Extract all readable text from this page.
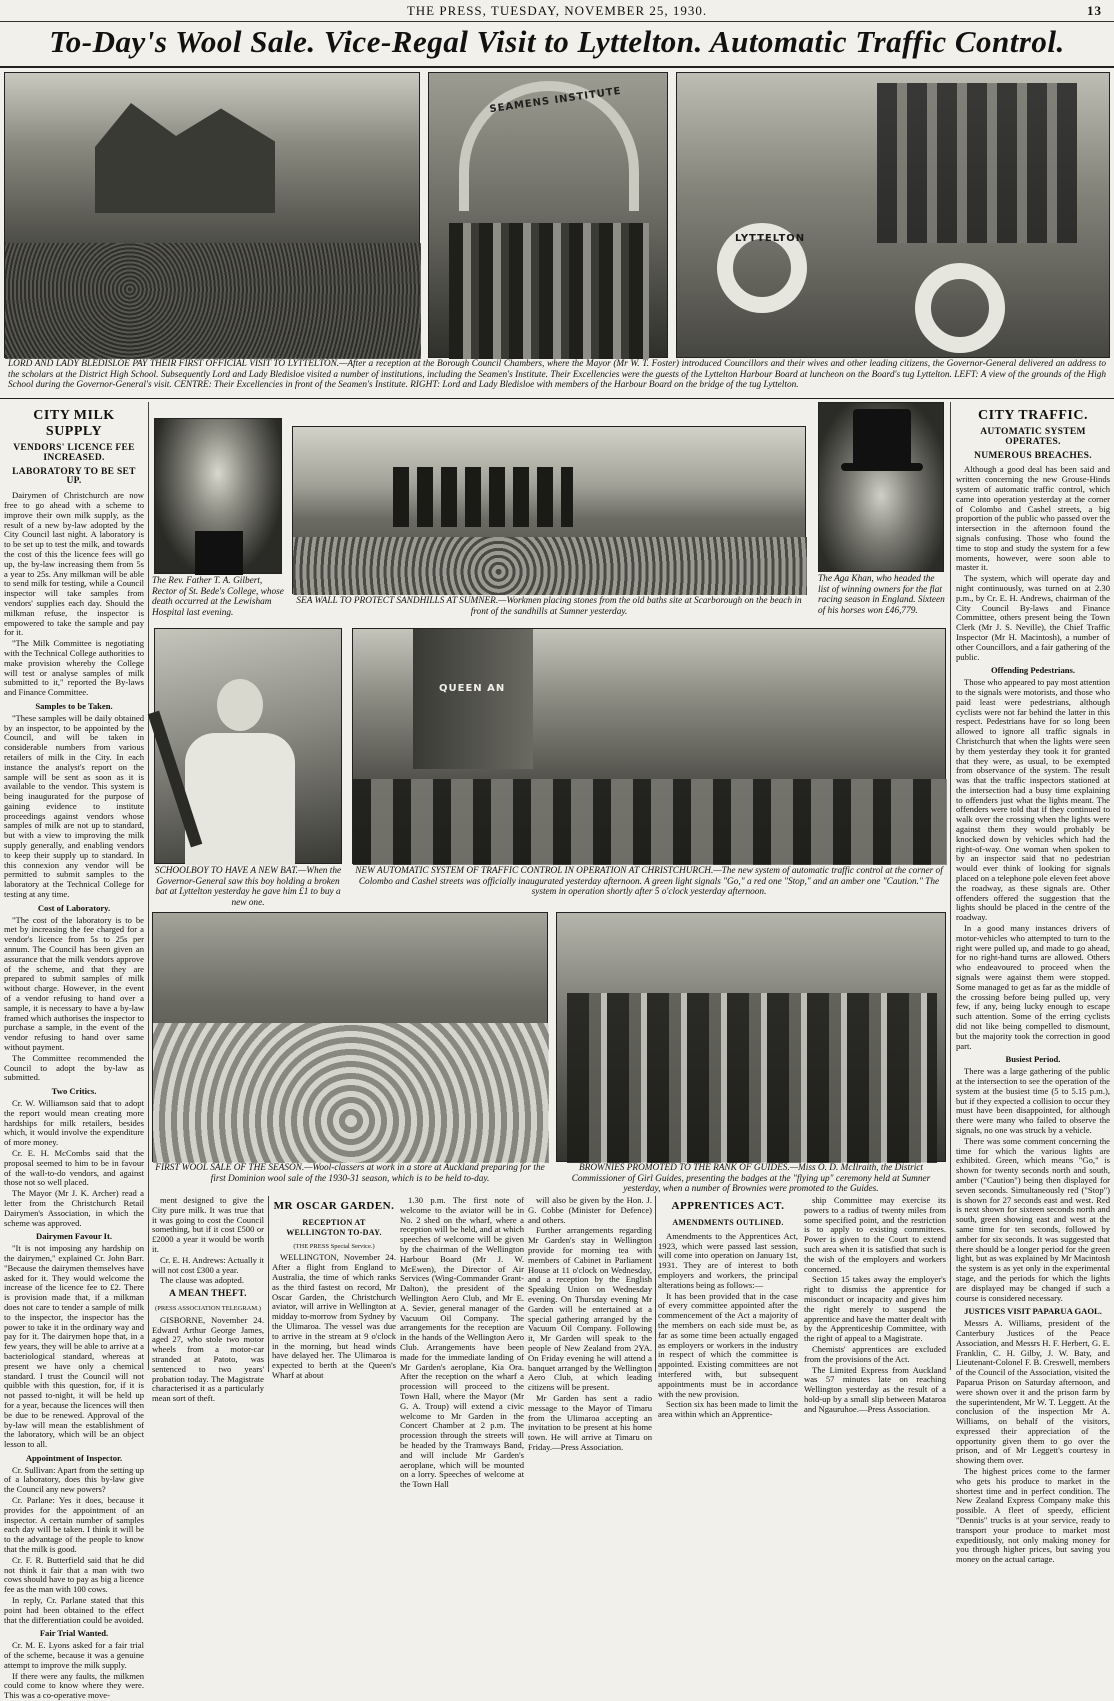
THE PRESS, TUESDAY, NOVEMBER 25, 1930.	13
To-Day's Wool Sale. Vice-Regal Visit to Lyttelton. Automatic Traffic Control.
SEAMENS INSTITUTE
LYTTELTON
LORD AND LADY BLEDISLOE PAY THEIR FIRST OFFICIAL VISIT TO LYTTELTON.—After a reception at the Borough Council Chambers, where the Mayor (Mr W. T. Foster) introduced Councillors and their wives and other leading citizens, the Governor-General delivered an address to the scholars at the District High School. Subsequently Lord and Lady Bledisloe visited a number of institutions, including the Seamen's Institute. Their Excellencies were the guests of the Lyttelton Harbour Board at luncheon on the Board's tug Lyttelton. LEFT: A view of the grounds of the High School during the Governor-General's visit. CENTRE: Their Excellencies in front of the Seamen's Institute. RIGHT: Lord and Lady Bledisloe with members of the Harbour Board on the bridge of the tug Lyttelton.
CITY MILK SUPPLY
VENDORS' LICENCE FEE INCREASED.
LABORATORY TO BE SET UP.

Dairymen of Christchurch are now free to go ahead with a scheme to improve their own milk supply, as the result of a new by-law adopted by the City Council last night. A laboratory is to be set up to test the milk, and towards the cost of this the licence fees will go up, the by-law increasing them from 5s a year to 25s. Any milkman will be able to send milk for testing, while a Council inspector will take samples from vendors' supplies each day. Should the milkman refuse, the inspector is empowered to take the sample and pay for it.

"The Milk Committee is negotiating with the Technical College authorities to make provision whereby the College will test or analyse samples of milk submitted to it," reported the By-laws and Finance Committee.

Samples to be Taken.

"These samples will be daily obtained by an inspector, to be appointed by the Council, and will be taken in considerable numbers from various retailers of milk in the City. In each instance the analyst's report on the sample will be sent as soon as it is available to the vendor. This system is being inaugurated for the purpose of gaining evidence to institute proceedings against vendors whose samples of milk are not up to standard, but with a view to improving the milk supply generally, and enabling vendors to keep their supply up to standard. In this connexion any vendor will be permitted to submit samples to the laboratory at the Technical College for testing at any time.

Cost of Laboratory.

"The cost of the laboratory is to be met by increasing the fee charged for a vendor's licence from 5s to 25s per annum. The Council has been given an assurance that the milk vendors approve of the scheme, and that they are prepared to submit samples of milk without charge. However, in the event of a vendor refusing to hand over a sample, it is necessary to have a by-law framed which authorises the inspector to purchase a sample, in the event of the vendor refusing to hand over same without payment.

The Committee recommended the Council to adopt the by-law as submitted.

Two Critics.

Cr. W. Williamson said that to adopt the report would mean creating more hardships for milk retailers, besides which, it would involve the expenditure of more money.

Cr. E. H. McCombs said that the proposal seemed to him to be in favour of the wall-to-do vendors, and against those not so well placed.

The Mayor (Mr J. K. Archer) read a letter from the Christchurch Retail Dairymen's Association, in which the scheme was approved.

Dairymen Favour It.

"It is not imposing any hardship on the dairymen," explained Cr. John Barr. "Because the dairymen themselves have asked for it. They would welcome the increase of the licence fee to £2. There is provision made that, if a milkman does not care to tender a sample of milk to the inspector, the inspector has the power to take it in the ordinary way and pay for it. The dairymen hope that, in a few years, they will be able to arrive at a bacteriological standard, whereas at present we have only a chemical standard. I trust the Council will not quibble with this question, for, if it is not passed to-night, it will be held up for a year, because the licences will then be due to be renewed. Approval of the by-law will mean the establishment of the laboratory, which will be an object lesson to all.

Appointment of Inspector.

Cr. Sullivan: Apart from the setting up of a laboratory, does this by-law give the Council any new powers?

Cr. Parlane: Yes it does, because it provides for the appointment of an inspector. A certain number of samples each day will be taken. I think it will be to the advantage of the people to know that the milk is good.

Cr. F. R. Butterfield said that he did not think it fair that a man with two cows should have to pay as big a licence fee as the man with 100 cows.

In reply, Cr. Parlane stated that this point had been obtained to the effect that the differentiation could be avoided.

Fair Trial Wanted.

Cr. M. E. Lyons asked for a fair trial of the scheme, because it was a genuine attempt to improve the milk supply.

If there were any faults, the milkmen could come to know where they were. This was a co-operative move-

The Rev. Father T. A. Gilbert, Rector of St. Bede's College, whose death occurred at the Lewisham Hospital last evening.
SEA WALL TO PROTECT SANDHILLS AT SUMNER.—Workmen placing stones from the old baths site at Scarborough on the beach in front of the sandhills at Sumner yesterday.
The Aga Khan, who headed the list of winning owners for the flat racing season in England. Sixteen of his horses won £46,779.
SCHOOLBOY TO HAVE A NEW BAT.—When the Governor-General saw this boy holding a broken bat at Lyttelton yesterday he gave him £1 to buy a new one.
QUEEN AN
NEW AUTOMATIC SYSTEM OF TRAFFIC CONTROL IN OPERATION AT CHRISTCHURCH.—The new system of automatic traffic control at the corner of Colombo and Cashel streets was officially inaugurated yesterday afternoon. A green light signals "Go," a red one "Stop," and an amber one "Caution." The system in operation shortly after 5 o'clock yesterday afternoon.
FIRST WOOL SALE OF THE SEASON.—Wool-classers at work in a store at Auckland preparing for the first Dominion wool sale of the 1930-31 season, which is to be held to-day.
BROWNIES PROMOTED TO THE RANK OF GUIDES.—Miss O. D. McIlraith, the District Commissioner of Girl Guides, presenting the badges at the "flying up" ceremony held at Sumner yesterday, when a number of Brownies were promoted to the Guides.

ment designed to give the City pure milk. It was true that it was going to cost the Council something, but if it cost £500 or £2000 a year it would be worth it.

Cr. E. H. Andrews: Actually it will not cost £300 a year.

The clause was adopted.

A MEAN THEFT.
(PRESS ASSOCIATION TELEGRAM.)

GISBORNE, November 24. Edward Arthur George James, aged 27, who stole two motor wheels from a motor-car stranded at Patoto, was sentenced to two years' probation today. The Magistrate characterised it as a particularly mean sort of theft.

MR OSCAR GARDEN.
RECEPTION AT WELLINGTON TO-DAY.
(THE PRESS Special Service.)

WELLINGTON, November 24. After a flight from England to Australia, the time of which ranks as the third fastest on record, Mr Oscar Garden, the Christchurch aviator, will arrive in Wellington at midday to-morrow from Sydney by the Ulimaroa. The vessel was due to arrive in the stream at 9 o'clock in the morning, but head winds have delayed her. The Ulimaroa is expected to berth at the Queen's Wharf at about

1.30 p.m. The first note of welcome to the aviator will be in No. 2 shed on the wharf, where a reception will be held, and at which speeches of welcome will be given by the chairman of the Wellington Harbour Board (Mr J. W. McEwen), the Director of Air Services (Wing-Commander Grant-Dalton), the president of the Wellington Aero Club, and Mr E. A. Sevier, general manager of the Vacuum Oil Company. The arrangements for the reception are in the hands of the Wellington Aero Club. Arrangements have been made for the immediate landing of Mr Garden's aeroplane, Kia Ora. After the reception on the wharf a procession will proceed to the Town Hall, where the Mayor (Mr G. A. Troup) will extend a civic welcome to Mr Garden in the Concert Chamber at 2 p.m. The procession through the streets will be headed by the Tramways Band, and will include Mr Garden's aeroplane, which will be mounted on a lorry. Speeches of welcome at the Town Hall

will also be given by the Hon. J. G. Cobbe (Minister for Defence) and others.

Further arrangements regarding Mr Garden's stay in Wellington provide for morning tea with members of Cabinet in Parliament House at 11 o'clock on Wednesday, and a reception by the English Speaking Union on Wednesday evening. On Thursday evening Mr Garden will be entertained at a special gathering arranged by the Vacuum Oil Company. Following it, Mr Garden will speak to the people of New Zealand from 2YA. On Friday evening he will attend a banquet arranged by the Wellington Aero Club, at which leading citizens will be present.

Mr Garden has sent a radio message to the Mayor of Timaru from the Ulimaroa accepting an invitation to be present at his home town. He will arrive at Timaru on Friday.—Press Association.

APPRENTICES ACT.
AMENDMENTS OUTLINED.

Amendments to the Apprentices Act, 1923, which were passed last session, will come into operation on January 1st, 1931. They are of interest to both employers and workers, the principal alterations being as follows:—

It has been provided that in the case of every committee appointed after the commencement of the Act a majority of the members on each side must be, as far as some time been actually engaged as employers or workers in the industry in respect of which the committee is appointed. Existing committees are not interfered with, but subsequent appointments must be in accordance with the new provision.

Section six has been made to limit the area within which an Apprentice-

ship Committee may exercise its powers to a radius of twenty miles from some specified point, and the restriction is to apply to existing committees. Power is given to the Court to extend such area when it is satisfied that such is the wish of the employers and workers concerned.

Section 15 takes away the employer's right to dismiss the apprentice for misconduct or incapacity and gives him the right merely to suspend the apprentice and have the matter dealt with by the Apprenticeship Committee, with the right of appeal to a Magistrate.

Chemists' apprentices are excluded from the provisions of the Act.

The Limited Express from Auckland was 57 minutes late on reaching Wellington yesterday as the result of a hold-up by a small slip between Mataroa and Ngauruhoe.—Press Association.

CITY TRAFFIC.
AUTOMATIC SYSTEM OPERATES.
NUMEROUS BREACHES.

Although a good deal has been said and written concerning the new Grouse-Hinds system of automatic traffic control, which came into operation yesterday at the corner of Colombo and Cashel streets, a big proportion of the public who passed over the intersection in the afternoon found the signals confusing. Those who found the time to stop and study the system for a few moments, however, were soon able to master it.

The system, which will operate day and night continuously, was turned on at 2.30 p.m., by Cr. E. H. Andrews, chairman of the City Council By-laws and Finance Committee, others present being the Town Clerk (Mr J. S. Neville), the Chief Traffic Inspector (Mr H. Macintosh), a number of other Councillors, and a fair gathering of the public.

Offending Pedestrians.

Those who appeared to pay most attention to the signals were motorists, and those who paid least were pedestrians, although cyclists were not far behind the latter in this respect. Pedestrians have for so long been allowed to ignore all traffic signals in Christchurch that when the lights were seen by them yesterday they took it for granted that they were, as usual, to be exempted from observance of the system. The result was that the traffic inspectors stationed at the intersection had a busy time explaining to offenders just what the lights meant. The offenders were told that if they continued to walk over the crossing when the lights were against them they would probably be knocked down by vehicles which had the right-of-way. One woman when spoken to by an inspector said that no pedestrian would ever think of looking for signals placed on a telephone pole eleven feet above the roadway, as these signals are. Other offenders offered the suggestion that the lights should be placed in the centre of the roadway.

In a good many instances drivers of motor-vehicles who attempted to turn to the right were pulled up, and made to go ahead, for no right-hand turns are allowed. Others who endeavoured to proceed when the signals were against them were stopped. Some managed to get as far as the middle of the crossing before being pulled up, very few, if any, being lucky enough to escape such attention. Some of the erring cyclists did not like being compelled to dismount, but the majority took the correction in good part.

Busiest Period.

There was a large gathering of the public at the intersection to see the operation of the system at the busiest time (5 to 5.15 p.m.), but if they expected a collision to occur they must have been disappointed, for although there were many who failed to observe the signals, no one was struck by a vehicle.

There was some comment concerning the time for which the various lights are exhibited. Green, which means "Go," is shown for twenty seconds north and south, amber ("Caution") being then displayed for seven seconds. Simultaneously red ("Stop") is shown for 27 seconds east and west. Red is next shown for sixteen seconds north and south, green showing east and west at the same time for ten seconds, followed by amber for six seconds. It was suggested that there should be a longer period for the green light, but as was explained by Mr Macintosh the system is as yet only in the experimental stage, and the periods for which the lights are displayed may be changed if such a course is considered necessary.

JUSTICES VISIT PAPARUA GAOL.

Messrs A. Williams, president of the Canterbury Justices of the Peace Association, and Messrs H. F. Herbert, G. E. Franklin, C. H. Gilby, J. W. Baty, and Lieutenant-Colonel F. B. Creswell, members of the Council of the Association, visited the Paparua Prison on Saturday afternoon, and were shown over it and the prison farm by the superintendent, Mr W. T. Leggett. At the conclusion of the inspection Mr A. Williams, on behalf of the visitors, expressed their appreciation of the opportunity given them to go over the prison, and of Mr Leggett's courtesy in showing them over.

The highest prices come to the farmer who gets his produce to market in the shortest time and in perfect condition. The New Zealand Express Company make this possible. A fleet of speedy, efficient "Dennis" trucks is at your service, ready to transport your produce to market most expeditiously, not only making money for you through higher prices, but saving you money on the actual cartage.
